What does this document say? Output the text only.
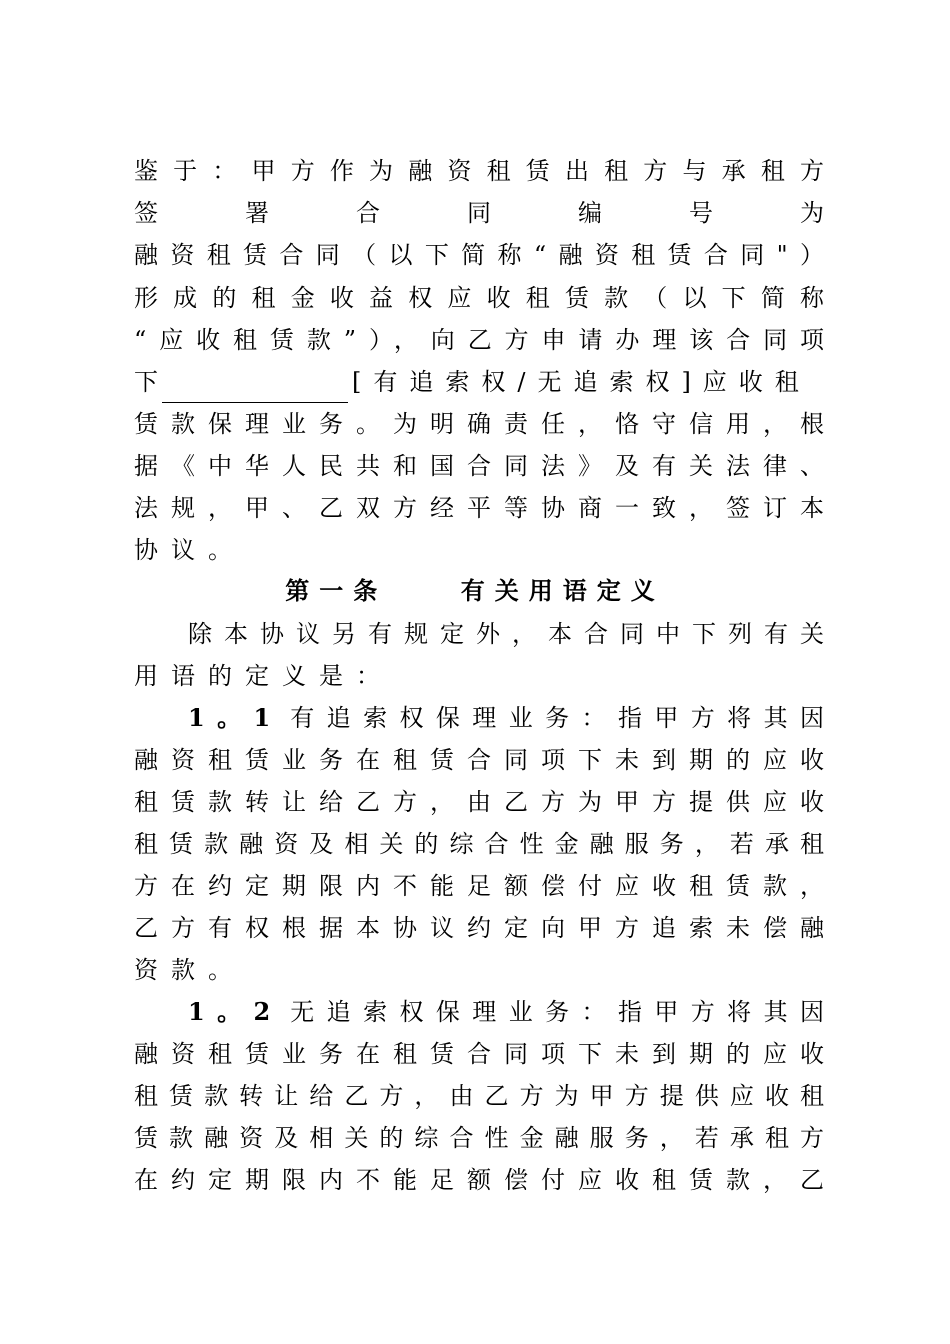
鉴于：甲方作为融资租赁出租方与承租方
签署合同编号为
融资租赁合同（以下简称“融资租赁合同"）
形成的租金收益权应收租赁款（以下简称
“应收租赁款”），向乙方申请办理该合同项
下	[有追索权/无追索权]应收租
赁款保理业务。为明确责任，恪守信用，根
据《中华人民共和国合同法》及有关法律、
法规，甲、乙双方经平等协商一致，签订本
协议。
第一条    有关用语定义
除本协议另有规定外，本合同中下列有关
用语的定义是：
1。1 有追索权保理业务：指甲方将其因
融资租赁业务在租赁合同项下未到期的应收
租赁款转让给乙方，由乙方为甲方提供应收
租赁款融资及相关的综合性金融服务，若承租
方在约定期限内不能足额偿付应收租赁款，
乙方有权根据本协议约定向甲方追索未偿融
资款。
1。2 无追索权保理业务：指甲方将其因
融资租赁业务在租赁合同项下未到期的应收
租赁款转让给乙方，由乙方为甲方提供应收租
赁款融资及相关的综合性金融服务，若承租方
在约定期限内不能足额偿付应收租赁款，乙
